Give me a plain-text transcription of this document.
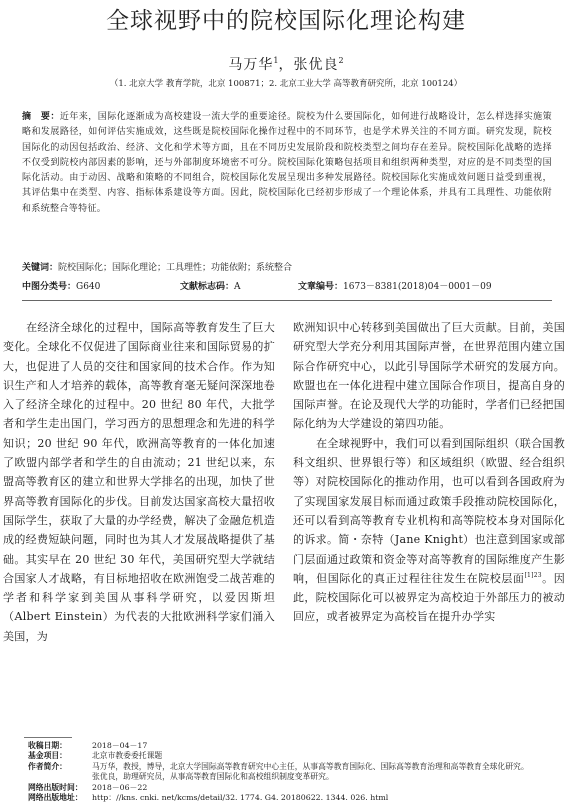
全球视野中的院校国际化理论构建
马万华$^1$，张优良$^2$
（1. 北京大学 教育学院，北京 100871；2. 北京工业大学 高等教育研究所，北京 100124）
摘　要：近年来，国际化逐渐成为高校建设一流大学的重要途径。院校为什么要国际化，如何进行战略设计，怎么样选择实施策略和发展路径，如何评估实施成效，这些既是院校国际化操作过程中的不同环节，也是学术界关注的不同方面。研究发现，院校国际化的动因包括政治、经济、文化和学术等方面，且在不同历史发展阶段和院校类型之间均存在差异。院校国际化战略的选择不仅受到院校内部因素的影响，还与外部制度环境密不可分。院校国际化策略包括项目和组织两种类型，对应的是不同类型的国际化活动。由于动因、战略和策略的不同组合，院校国际化发展呈现出多种发展路径。院校国际化实施成效问题日益受到重视，其评估集中在类型、内容、指标体系建设等方面。因此，院校国际化已经初步形成了一个理论体系，并具有工具理性、功能依附和系统整合等特征。
关键词：院校国际化；国际化理论；工具理性；功能依附；系统整合
中图分类号：G640	文献标志码：A	文章编号：1673－8381(2018)04－0001－09

在经济全球化的过程中，国际高等教育发生了巨大变化。全球化不仅促进了国际商业往来和国际贸易的扩大，也促进了人员的交往和国家间的技术合作。作为知识生产和人才培养的载体，高等教育毫无疑问深深地卷入了经济全球化的过程中。20 世纪 80 年代，大批学者和学生走出国门，学习西方的思想理念和先进的科学知识；20 世纪 90 年代，欧洲高等教育的一体化加速了欧盟内部学者和学生的自由流动；21 世纪以来，东盟高等教育区的建立和世界大学排名的出现，加快了世界高等教育国际化的步伐。目前发达国家高校大量招收国际学生，获取了大量的办学经费，解决了金融危机造成的经费短缺问题，同时也为其人才发展战略提供了基础。其实早在 20 世纪 30 年代，美国研究型大学就结合国家人才战略，有目标地招收在欧洲饱受二战苦难的学者和科学家到美国从事科学研究，以爱因斯坦（Albert Einstein）为代表的大批欧洲科学家们涌入美国，为

欧洲知识中心转移到美国做出了巨大贡献。目前，美国研究型大学充分利用其国际声誉，在世界范围内建立国际合作研究中心，以此引导国际学术研究的发展方向。欧盟也在一体化进程中建立国际合作项目，提高自身的国际声誉。在论及现代大学的功能时，学者们已经把国际化纳为大学建设的第四功能。

在全球视野中，我们可以看到国际组织（联合国教科文组织、世界银行等）和区域组织（欧盟、经合组织等）对院校国际化的推动作用，也可以看到各国政府为了实现国家发展目标而通过政策手段推动院校国际化，还可以看到高等教育专业机构和高等院校本身对国际化的诉求。简・奈特（Jane Knight）也注意到国家或部门层面通过政策和资金等对高等教育的国际维度产生影响，但国际化的真正过程往往发生在院校层面$^{[1]23}$。因此，院校国际化可以被界定为高校迫于外部压力的被动回应，或者被界定为高校旨在提升办学实

收稿日期：	2018－04－17
基金项目：	北京市教委委托课题
作者简介：	马万华，教授，博导，北京大学国际高等教育研究中心主任，从事高等教育国际化、国际高等教育治理和高等教育全球化研究。
张优良，助理研究员，从事高等教育国际化和高校组织制度变革研究。
网络出版时间： 2018－06－22
网络出版地址： http：//kns. cnki. net/kcms/detail/32. 1774. G4. 20180622. 1344. 026. html
